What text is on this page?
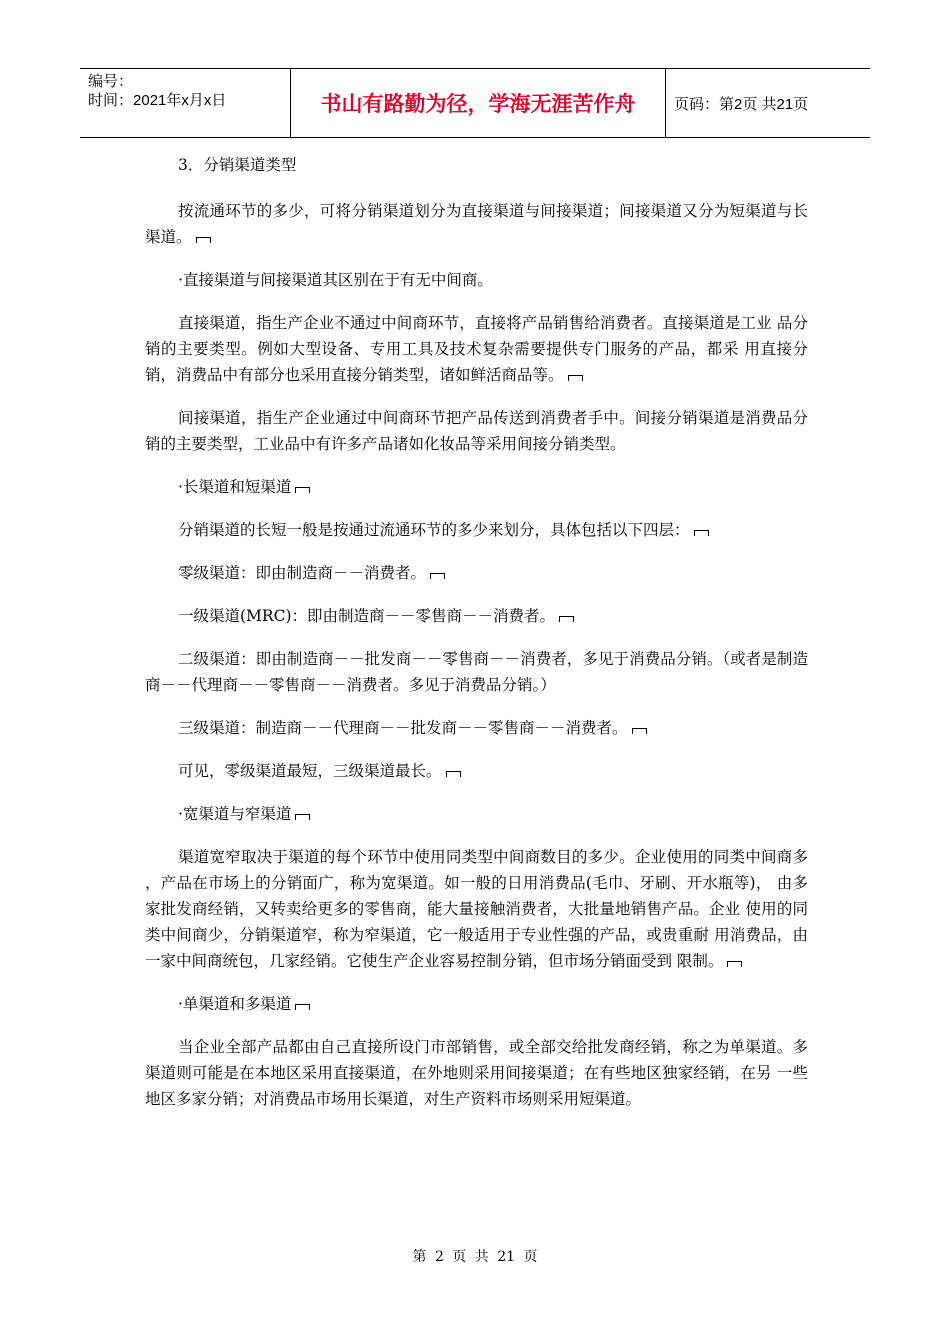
编号：
时间：2021年x月x日	书山有路勤为径，学海无涯苦作舟	页码：第2页 共21页

3．分销渠道类型

按流通环节的多少，可将分销渠道划分为直接渠道与间接渠道；间接渠道又分为短渠道与长 渠道。

·直接渠道与间接渠道其区别在于有无中间商。

直接渠道，指生产企业不通过中间商环节，直接将产品销售给消费者。直接渠道是工业 品分销的主要类型。例如大型设备、专用工具及技术复杂需要提供专门服务的产品，都采 用直接分销，消费品中有部分也采用直接分销类型，诸如鲜活商品等。

间接渠道，指生产企业通过中间商环节把产品传送到消费者手中。间接分销渠道是消费品分 销的主要类型，工业品中有许多产品诸如化妆品等采用间接分销类型。

·长渠道和短渠道

分销渠道的长短一般是按通过流通环节的多少来划分，具体包括以下四层：

零级渠道：即由制造商－－消费者。

一级渠道(MRC)：即由制造商－－零售商－－消费者。

二级渠道：即由制造商－－批发商－－零售商－－消费者，多见于消费品分销。（或者是制造商－－代理商－－零售商－－消费者。多见于消费品分销。）

三级渠道：制造商－－代理商－－批发商－－零售商－－消费者。

可见，零级渠道最短，三级渠道最长。

·宽渠道与窄渠道

渠道宽窄取决于渠道的每个环节中使用同类型中间商数目的多少。企业使用的同类中间商多 ，产品在市场上的分销面广，称为宽渠道。如一般的日用消费品(毛巾、牙刷、开水瓶等)， 由多家批发商经销，又转卖给更多的零售商，能大量接触消费者，大批量地销售产品。企业 使用的同类中间商少，分销渠道窄，称为窄渠道，它一般适用于专业性强的产品，或贵重耐 用消费品，由一家中间商统包，几家经销。它使生产企业容易控制分销，但市场分销面受到 限制。

·单渠道和多渠道

当企业全部产品都由自己直接所设门市部销售，或全部交给批发商经销，称之为单渠道。多 渠道则可能是在本地区采用直接渠道，在外地则采用间接渠道；在有些地区独家经销，在另 一些地区多家分销；对消费品市场用长渠道，对生产资料市场则采用短渠道。

第 2 页 共 21 页
